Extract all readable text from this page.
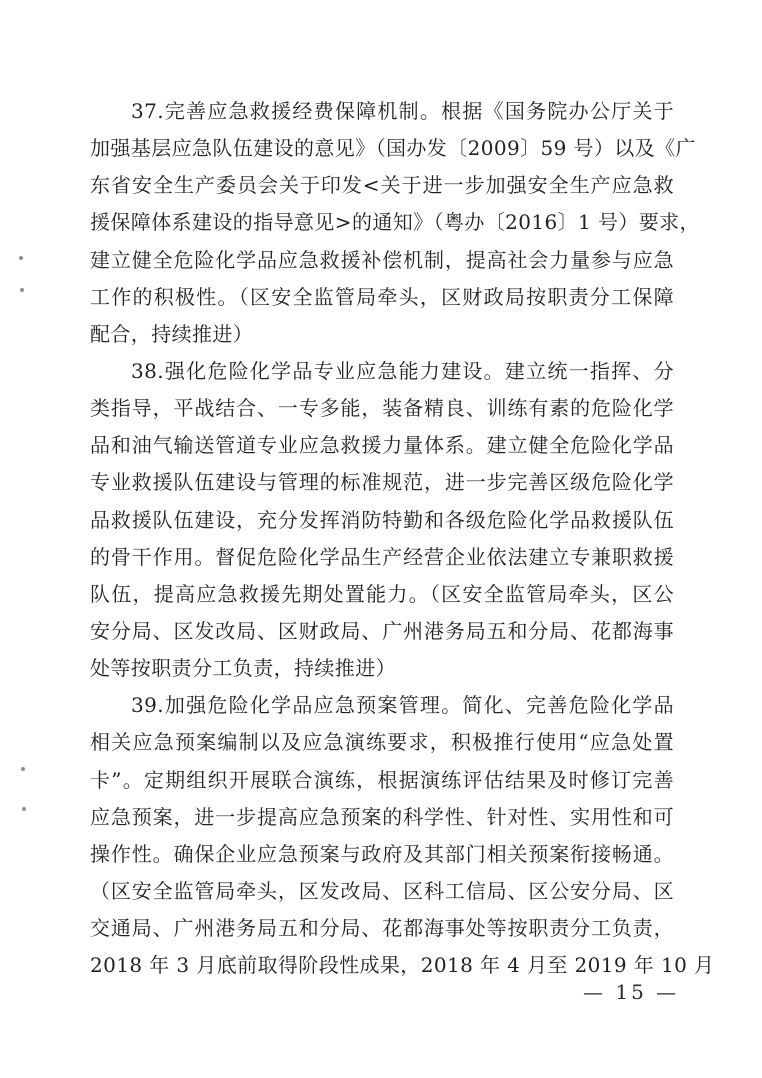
37.完善应急救援经费保障机制。根据《国务院办公厅关于
加强基层应急队伍建设的意见》（国办发〔2009〕59 号）以及《广
东省安全生产委员会关于印发<关于进一步加强安全生产应急救
援保障体系建设的指导意见>的通知》（粤办〔2016〕1 号）要求，
建立健全危险化学品应急救援补偿机制，提高社会力量参与应急
工作的积极性。（区安全监管局牵头，区财政局按职责分工保障
配合，持续推进）
38.强化危险化学品专业应急能力建设。建立统一指挥、分
类指导，平战结合、一专多能，装备精良、训练有素的危险化学
品和油气输送管道专业应急救援力量体系。建立健全危险化学品
专业救援队伍建设与管理的标准规范，进一步完善区级危险化学
品救援队伍建设，充分发挥消防特勤和各级危险化学品救援队伍
的骨干作用。督促危险化学品生产经营企业依法建立专兼职救援
队伍，提高应急救援先期处置能力。（区安全监管局牵头，区公
安分局、区发改局、区财政局、广州港务局五和分局、花都海事
处等按职责分工负责，持续推进）
39.加强危险化学品应急预案管理。简化、完善危险化学品
相关应急预案编制以及应急演练要求，积极推行使用“应急处置
卡”。定期组织开展联合演练，根据演练评估结果及时修订完善
应急预案，进一步提高应急预案的科学性、针对性、实用性和可
操作性。确保企业应急预案与政府及其部门相关预案衔接畅通。
（区安全监管局牵头，区发改局、区科工信局、区公安分局、区
交通局、广州港务局五和分局、花都海事处等按职责分工负责，
2018 年 3 月底前取得阶段性成果，2018 年 4 月至 2019 年 10 月
— 15 —
